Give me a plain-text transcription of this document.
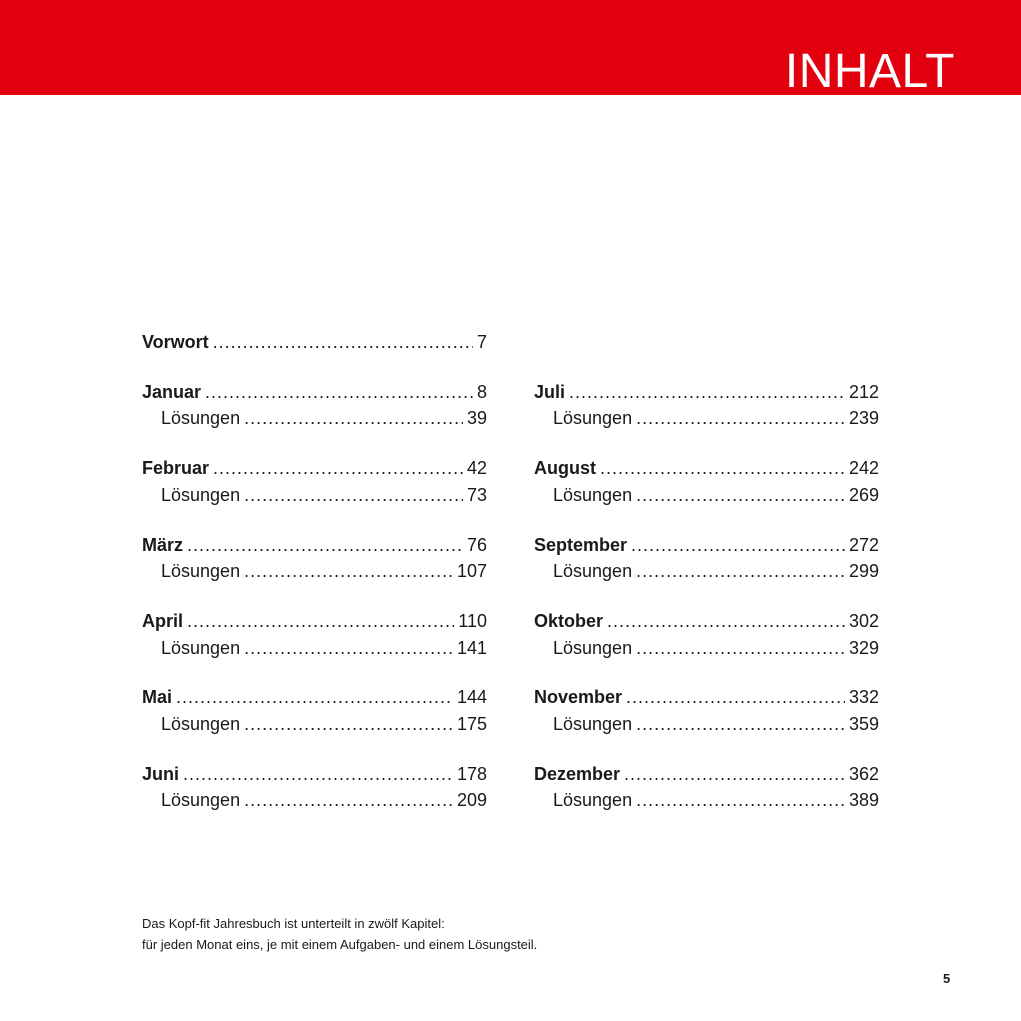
INHALT
Vorwort .....	7
Januar .....	8
Lösungen .....	39
Februar .....	42
Lösungen .....	73
März .....	76
Lösungen .....	107
April .....	110
Lösungen .....	141
Mai .....	144
Lösungen .....	175
Juni .....	178
Lösungen .....	209
Juli .....	212
Lösungen .....	239
August .....	242
Lösungen .....	269
September .....	272
Lösungen .....	299
Oktober .....	302
Lösungen .....	329
November .....	332
Lösungen .....	359
Dezember .....	362
Lösungen .....	389
Das Kopf-fit Jahresbuch ist unterteilt in zwölf Kapitel:
für jeden Monat eins, je mit einem Aufgaben- und einem Lösungsteil.
5
